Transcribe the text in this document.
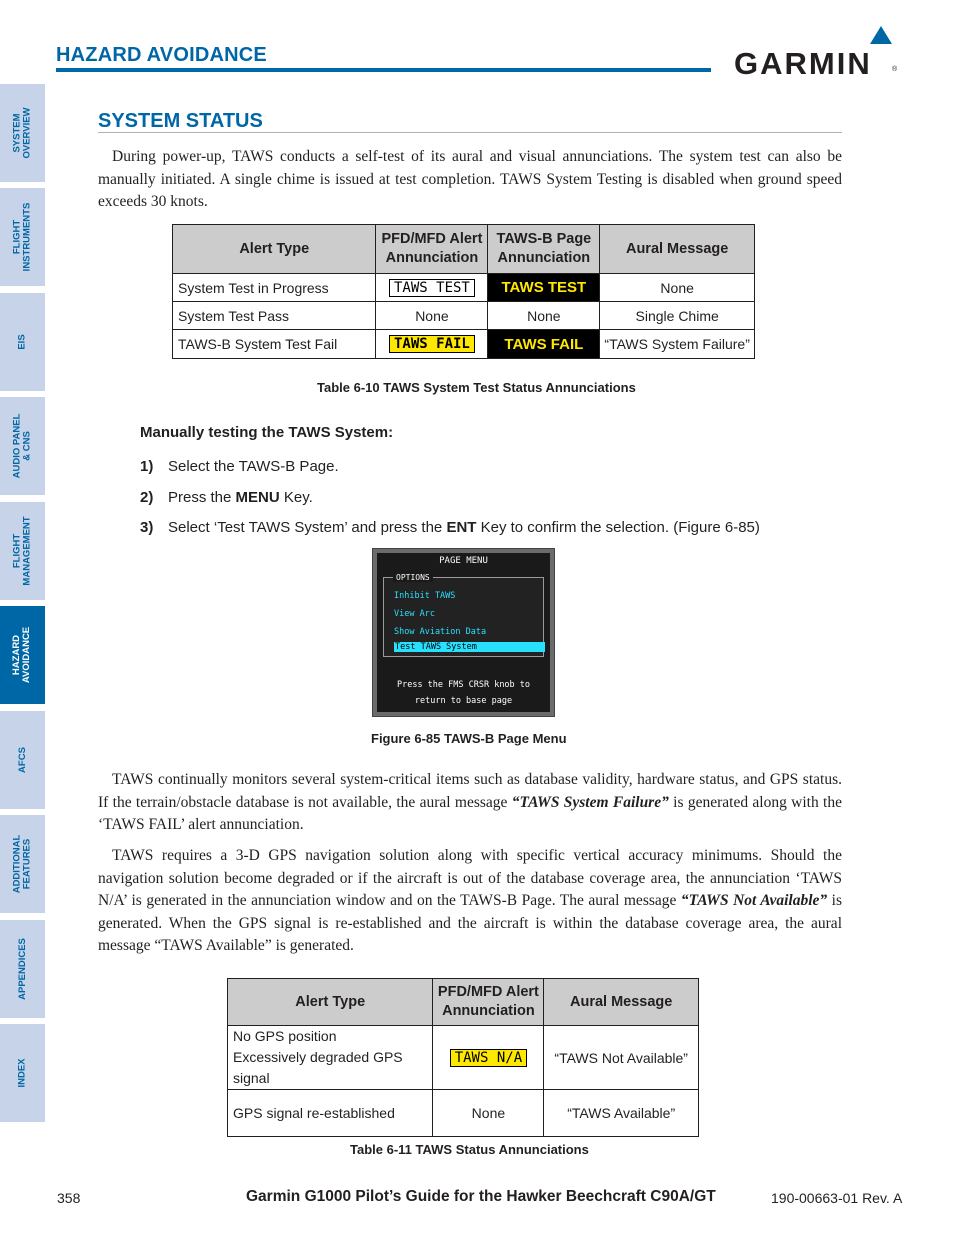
HAZARD AVOIDANCE	GARMIN	®
SYSTEM
OVERVIEW
FLIGHT
INSTRUMENTS
EIS
AUDIO PANEL
& CNS
FLIGHT
MANAGEMENT
HAZARD
AVOIDANCE
AFCS
ADDITIONAL
FEATURES
APPENDICES
INDEX
SYSTEM STATUS
During power-up, TAWS conducts a self-test of its aural and visual annunciations. The system test can also be manually initiated. A single chime is issued at test completion. TAWS System Testing is disabled when ground speed exceeds 30 knots.
Alert Type	PFD/MFD Alert Annunciation	TAWS-B Page Annunciation	Aural Message
System Test in Progress	TAWS TEST	TAWS TEST	None
System Test Pass	None	None	Single Chime
TAWS-B System Test Fail	TAWS FAIL	TAWS FAIL	“TAWS System Failure”
Table 6-10 TAWS System Test Status Annunciations
Manually testing the TAWS System:
1) Select the TAWS-B Page.
2) Press the MENU Key.
3) Select ‘Test TAWS System’ and press the ENT Key to confirm the selection. (Figure 6-85)
PAGE MENU
Inhibit TAWS
View Arc
Show Aviation Data
Test TAWS System
OPTIONS
Press the FMS CRSR knob to
return to base page
Figure 6-85 TAWS-B Page Menu
TAWS continually monitors several system-critical items such as database validity, hardware status, and GPS status. If the terrain/obstacle database is not available, the aural message “TAWS System Failure” is generated along with the ‘TAWS FAIL’ alert annunciation.
TAWS requires a 3-D GPS navigation solution along with specific vertical accuracy minimums. Should the navigation solution become degraded or if the aircraft is out of the database coverage area, the annunciation ‘TAWS N/A’ is generated in the annunciation window and on the TAWS-B Page. The aural message “TAWS Not Available” is generated. When the GPS signal is re-established and the aircraft is within the database coverage area, the aural message “TAWS Available” is generated.
Alert Type	PFD/MFD Alert Annunciation	Aural Message

No GPS position
Excessively degraded GPS signal	TAWS N/A	“TAWS Not Available”
GPS signal re-established	None	“TAWS Available”
Table 6-11 TAWS Status Annunciations
358	Garmin G1000 Pilot’s Guide for the Hawker Beechcraft C90A/GT	190-00663-01 Rev. A
